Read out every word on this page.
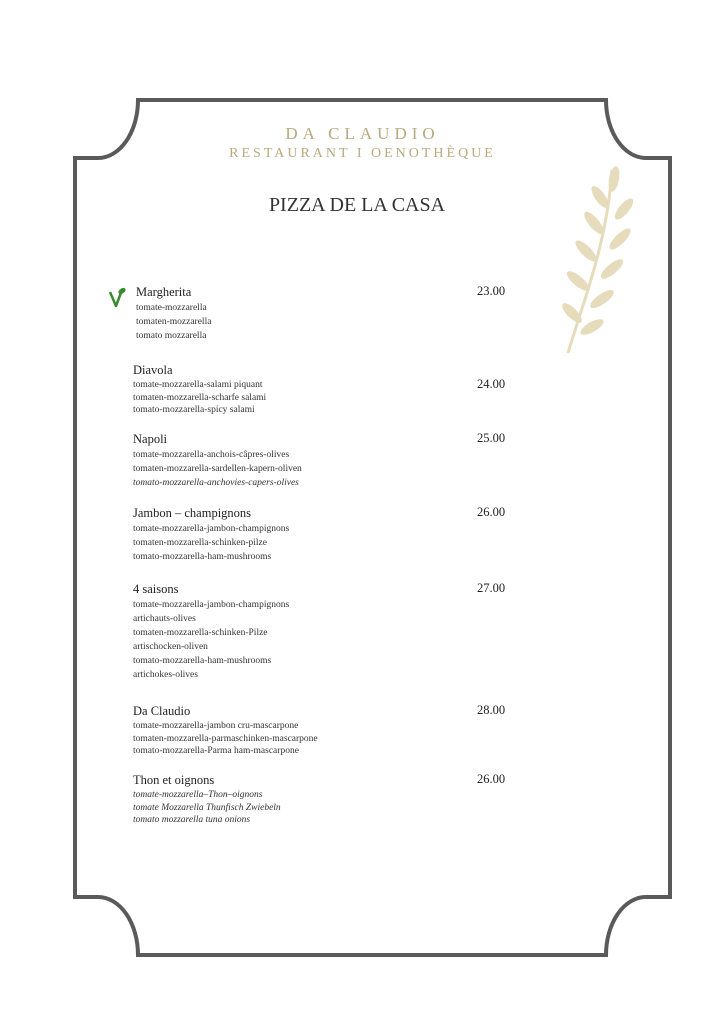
DA CLAUDIO
RESTAURANT I OENOTHÈQUE
PIZZA DE LA CASA
Margherita
tomate-mozzarella
tomaten-mozzarella
tomato mozzarella
23.00
Diavola
tomate-mozzarella-salami piquant
tomaten-mozzarella-scharfe salami
tomato-mozzarella-spicy salami
24.00
Napoli
tomate-mozzarella-anchois-câpres-olives
tomaten-mozzarella-sardellen-kapern-oliven
tomato-mozzarella-anchovies-capers-olives
25.00
Jambon – champignons
tomate-mozzarella-jambon-champignons
tomaten-mozzarella-schinken-pilze
tomato-mozzarella-ham-mushrooms
26.00
4 saisons
tomate-mozzarella-jambon-champignons
artichauts-olives
tomaten-mozzarella-schinken-Pilze
artischocken-oliven
tomato-mozzarella-ham-mushrooms
artichokes-olives
27.00
Da Claudio
tomate-mozzarella-jambon cru-mascarpone
tomaten-mozzarella-parmaschinken-mascarpone
tomato-mozzarella-Parma ham-mascarpone
28.00
Thon et oignons
tomate-mozzarella–Thon–oignons
tomate Mozzarella Thunfisch Zwiebeln
tomato mozzarella tuna onions
26.00
